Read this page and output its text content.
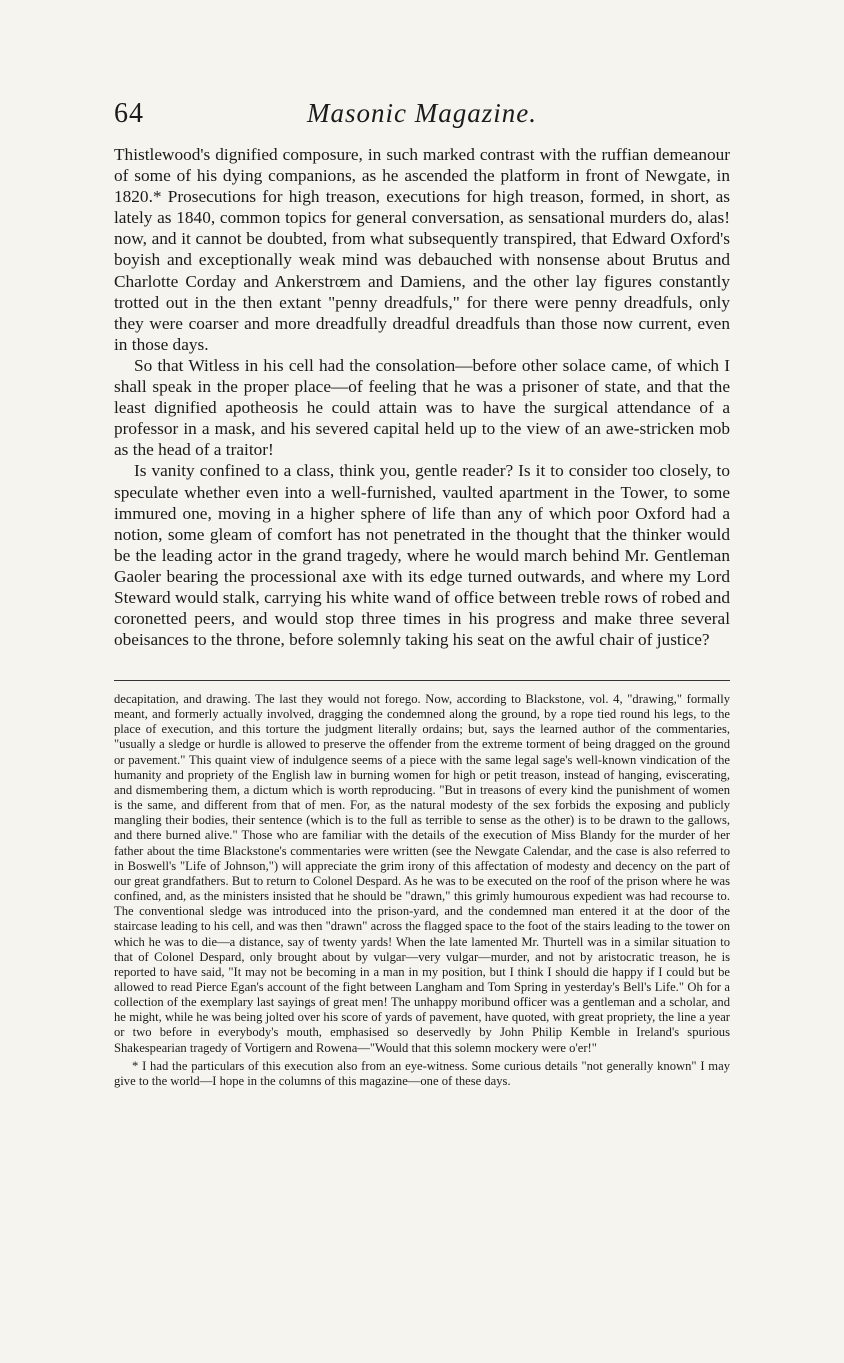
64	Masonic Magazine.

Thistlewood's dignified composure, in such marked contrast with the ruffian demeanour of some of his dying companions, as he ascended the platform in front of Newgate, in 1820.* Prosecutions for high treason, executions for high treason, formed, in short, as lately as 1840, common topics for general conversation, as sensational murders do, alas! now, and it cannot be doubted, from what subsequently transpired, that Edward Oxford's boyish and exceptionally weak mind was debauched with nonsense about Brutus and Charlotte Corday and Ankerstrœm and Damiens, and the other lay figures constantly trotted out in the then extant "penny dreadfuls," for there were penny dreadfuls, only they were coarser and more dreadfully dreadful dreadfuls than those now current, even in those days.

So that Witless in his cell had the consolation—before other solace came, of which I shall speak in the proper place—of feeling that he was a prisoner of state, and that the least dignified apotheosis he could attain was to have the surgical attendance of a professor in a mask, and his severed capital held up to the view of an awe-stricken mob as the head of a traitor!

Is vanity confined to a class, think you, gentle reader? Is it to consider too closely, to speculate whether even into a well-furnished, vaulted apartment in the Tower, to some immured one, moving in a higher sphere of life than any of which poor Oxford had a notion, some gleam of comfort has not penetrated in the thought that the thinker would be the leading actor in the grand tragedy, where he would march behind Mr. Gentleman Gaoler bearing the processional axe with its edge turned outwards, and where my Lord Steward would stalk, carrying his white wand of office between treble rows of robed and coronetted peers, and would stop three times in his progress and make three several obeisances to the throne, before solemnly taking his seat on the awful chair of justice?

decapitation, and drawing. The last they would not forego. Now, according to Blackstone, vol. 4, "drawing," formally meant, and formerly actually involved, dragging the condemned along the ground, by a rope tied round his legs, to the place of execution, and this torture the judgment literally ordains; but, says the learned author of the commentaries, "usually a sledge or hurdle is allowed to preserve the offender from the extreme torment of being dragged on the ground or pavement." This quaint view of indulgence seems of a piece with the same legal sage's well-known vindication of the humanity and propriety of the English law in burning women for high or petit treason, instead of hanging, eviscerating, and dismembering them, a dictum which is worth reproducing. "But in treasons of every kind the punishment of women is the same, and different from that of men. For, as the natural modesty of the sex forbids the exposing and publicly mangling their bodies, their sentence (which is to the full as terrible to sense as the other) is to be drawn to the gallows, and there burned alive." Those who are familiar with the details of the execution of Miss Blandy for the murder of her father about the time Blackstone's commentaries were written (see the Newgate Calendar, and the case is also referred to in Boswell's "Life of Johnson,") will appreciate the grim irony of this affectation of modesty and decency on the part of our great grandfathers. But to return to Colonel Despard. As he was to be executed on the roof of the prison where he was confined, and, as the ministers insisted that he should be "drawn," this grimly humourous expedient was had recourse to. The conventional sledge was introduced into the prison-yard, and the condemned man entered it at the door of the staircase leading to his cell, and was then "drawn" across the flagged space to the foot of the stairs leading to the tower on which he was to die—a distance, say of twenty yards! When the late lamented Mr. Thurtell was in a similar situation to that of Colonel Despard, only brought about by vulgar—very vulgar—murder, and not by aristocratic treason, he is reported to have said, "It may not be becoming in a man in my position, but I think I should die happy if I could but be allowed to read Pierce Egan's account of the fight between Langham and Tom Spring in yesterday's Bell's Life." Oh for a collection of the exemplary last sayings of great men! The unhappy moribund officer was a gentleman and a scholar, and he might, while he was being jolted over his score of yards of pavement, have quoted, with great propriety, the line a year or two before in everybody's mouth, emphasised so deservedly by John Philip Kemble in Ireland's spurious Shakespearian tragedy of Vortigern and Rowena—"Would that this solemn mockery were o'er!"

* I had the particulars of this execution also from an eye-witness. Some curious details "not generally known" I may give to the world—I hope in the columns of this magazine—one of these days.
